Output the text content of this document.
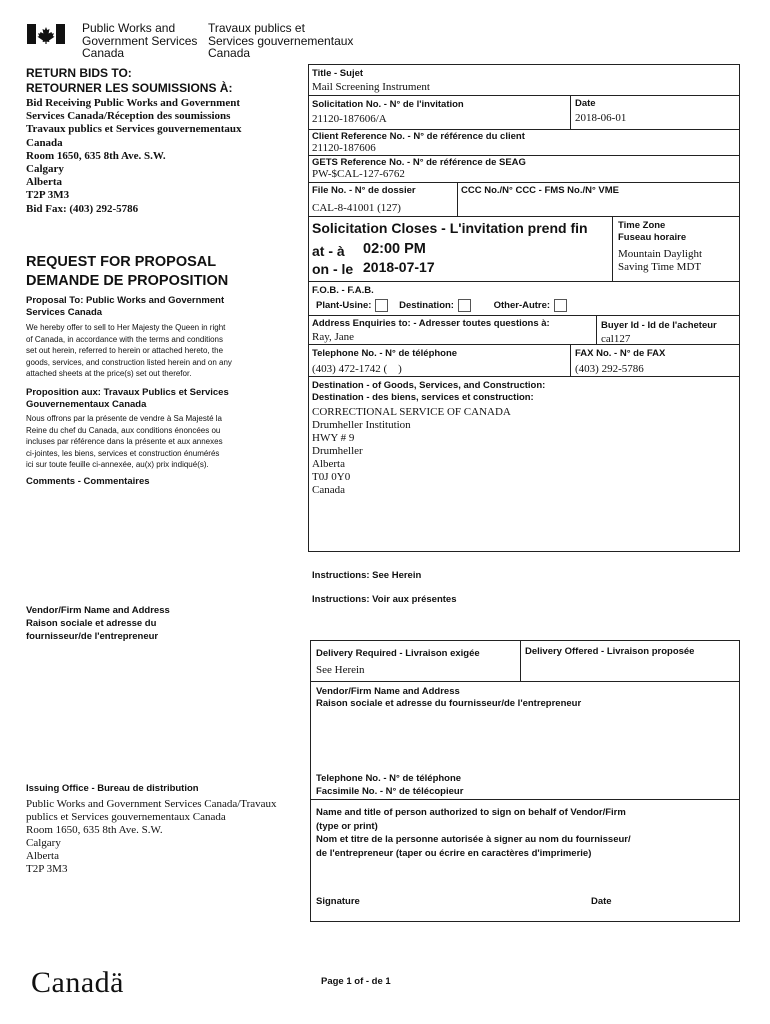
Public Works and
Government Services
Canada
Travaux publics et
Services gouvernementaux
Canada
RETURN BIDS TO:
RETOURNER LES SOUMISSIONS À:
Bid Receiving Public Works and Government
Services Canada/Réception des soumissions
Travaux publics et Services gouvernementaux
Canada
Room 1650, 635 8th Ave. S.W.
Calgary
Alberta
T2P 3M3
Bid Fax: (403) 292-5786
REQUEST FOR PROPOSAL
DEMANDE DE PROPOSITION
Proposal To: Public Works and Government
Services Canada
We hereby offer to sell to Her Majesty the Queen in right
of Canada, in accordance with the terms and conditions
set out herein, referred to herein or attached hereto, the
goods, services, and construction listed herein and on any
attached sheets at the price(s) set out therefor.
Proposition aux: Travaux Publics et Services
Gouvernementaux Canada
Nous offrons par la présente de vendre à Sa Majesté la
Reine du chef du Canada, aux conditions énoncées ou
incluses par référence dans la présente et aux annexes
ci-jointes, les biens, services et construction énumérés
ici sur toute feuille ci-annexée, au(x) prix indiqué(s).
Comments - Commentaires
Vendor/Firm Name and Address
Raison sociale et adresse du
fournisseur/de l'entrepreneur
Issuing Office - Bureau de distribution
Public Works and Government Services Canada/Travaux
publics et Services gouvernementaux Canada
Room 1650, 635 8th Ave. S.W.
Calgary
Alberta
T2P 3M3
Title - Sujet
Mail Screening Instrument
Solicitation No. - N° de l'invitation
21120-187606/A
Date
2018-06-01
Client Reference No. - N° de référence du client
21120-187606
GETS Reference No. - N° de référence de SEAG
PW-$CAL-127-6762
File No. - N° de dossier
CAL-8-41001 (127)
CCC No./N° CCC - FMS No./N° VME
Solicitation Closes - L'invitation prend fin
at - à 02:00 PM
on - le 2018-07-17
Time Zone
Fuseau horaire
Mountain Daylight
Saving Time MDT
F.O.B. - F.A.B.
Plant-Usine:	Destination:	Other-Autre:
Address Enquiries to: - Adresser toutes questions à:
Ray, Jane
Buyer Id - Id de l'acheteur
cal127
Telephone No. - N° de téléphone
(403) 472-1742 (    )
FAX No. - N° de FAX
(403) 292-5786
Destination - of Goods, Services, and Construction:
Destination - des biens, services et construction:
CORRECTIONAL SERVICE OF CANADA
Drumheller Institution
HWY # 9
Drumheller
Alberta
T0J 0Y0
Canada
Instructions: See Herein
Instructions: Voir aux présentes
Delivery Required - Livraison exigée
See Herein
Delivery Offered - Livraison proposée
Vendor/Firm Name and Address
Raison sociale et adresse du fournisseur/de l'entrepreneur
Telephone No. - N° de téléphone
Facsimile No. - N° de télécopieur
Name and title of person authorized to sign on behalf of Vendor/Firm
(type or print)
Nom et titre de la personne autorisée à signer au nom du fournisseur/
de l'entrepreneur (taper ou écrire en caractères d'imprimerie)
Signature	Date
Canadä	Page 1 of - de 1
